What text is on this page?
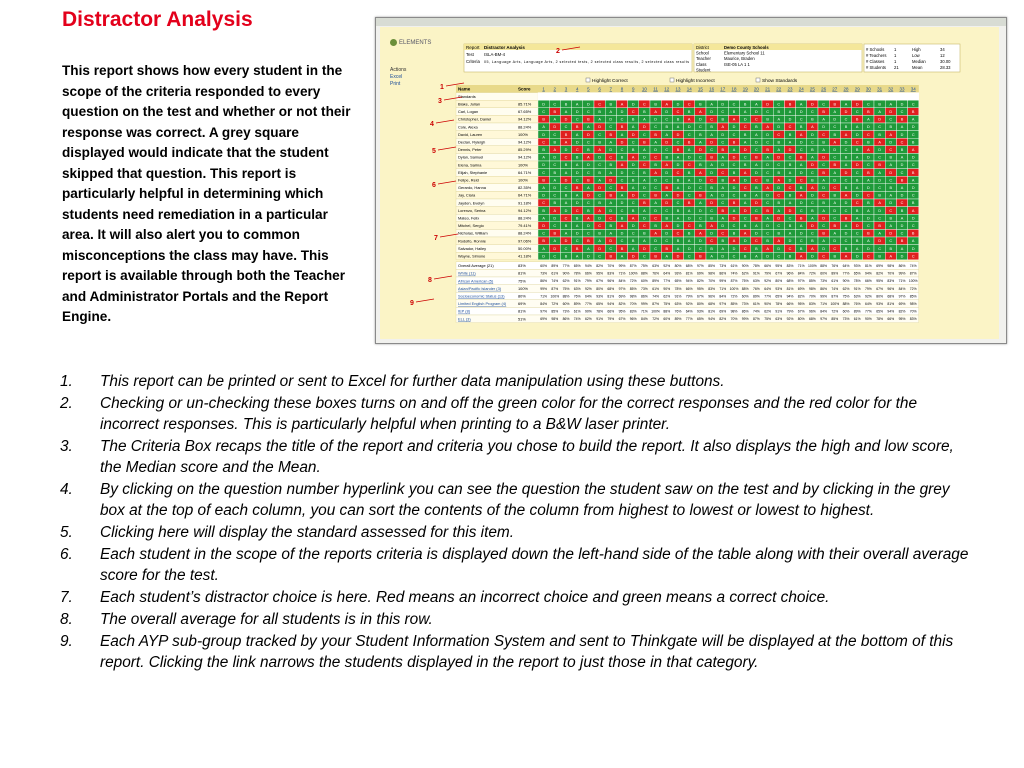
Distractor Analysis
This report shows how every student in the scope of the criteria responded to every question on the test and whether or not their response was correct. A grey square displayed would indicate that the student skipped that question. This report is particularly helpful in determining which students need remediation in a particular area. It will also alert you to common misconceptions the class may have. This report is available through both the Teacher and Administrator Portals and the Report Engine.
ELEMENTS
Actions
Excel
Print
Report Distractor Analysis
Test ISLA-BM-4
Criteria 05, Language Arts, Language Arts, 2 selected tests, 2 selected class results, 2 selected class results
District	Demo County Schools
School	Elementary School 11
Teacher	Maurice, Braden
Class	ISE-05 LA 1 1
Student
# Schools 1	High	34
# Teachers 1	Low	12
# Classes 1	Median	30.00
# Students 21	Mean	28.33
Highlight Correct	Highlight Incorrect	Show Standards
Name	Score	1 2 3 4 5 6 7 8 9 10 11 12 13 14 15 16 17 18 19 20 21 22 23 24 25 26 27 28 29 30 31 32 33 34
Standards
Blake, Julian	85.71%	D C B A D C B A D C B A D C B A D C B A D C B A D C B A D C B A D C
Carl, Logan	67.65%	C B A D C B A D C B A D C B A D C B A D C B A D C B A D C B A D C B
Christopher, Daniel	94.12%	B A D C B A D C B A D C B A D C B A D C B A D C B A D C B A D C B A
Cole, Alexa	88.24%	A D C B A D C B A D C B A D C B A D C B A D C B A D C B A D C B A D
David, Lauren	100%	D C B A D C B A D C B A D C B A D C B A D C B A D C B A D C B A D C
Declan, Ryleigh	94.12%	C B A D C B A D C B A D C B A D C B A D C B A D C B A D C B A D C B
Dennis, Peter	85.29%	B A D C B A D C B A D C B A D C B A D C B A D C B A D C B A D C B A
Dylan, Samuel	94.12%	A D C B A D C B A D C B A D C B A D C B A D C B A D C B A D C B A D
Elena, Sarina	100%	D C B A D C B A D C B A D C B A D C B A D C B A D C B A D C B A D C
Elijah, Stephanie	64.71%	C B A D C B A D C B A D C B A D C B A D C B A D C B A D C B A D C B
Felipe, Reid	100%	B A D C B A D C B A D C B A D C B A D C B A D C B A D C B A D C B A
Gerardo, Hanna	82.35%	A D C B A D C B A D C B A D C B A D C B A D C B A D C B A D C B A D
Jay, Ciara	64.71%	D C B A D C B A D C B A D C B A D C B A D C B A D C B A D C B A D C
Jayden, Evelyn	91.18%	C B A D C B A D C B A D C B A D C B A D C B A D C B A D C B A D C B
Lorenzo, Serina	94.12%	B A D C B A D C B A D C B A D C B A D C B A D C B A D C B A D C B A
Mateo, Felix	88.24%	A D C B A D C B A D C B A D C B A D C B A D C B A D C B A D C B A D
Mitchel, Sergio	79.41%	D C B A D C B A D C B A D C B A D C B A D C B A D C B A D C B A D C
Nicholas, William	88.24%	C B A D C B A D C B A D C B A D C B A D C B A D C B A D C B A D C B
Rodolfo, Ronnie	97.06%	B A D C B A D C B A D C B A D C B A D C B A D C B A D C B A D C B A
Salvador, Hailey	50.00%	A D C B A D C B A D C B A D C B A D C B A D C B A D C B A D C B A D
Wayne, Simone	41.18%	D C B A D C B A D C B A D C B A D C B A D C B A D C B A D C B A D C
Overall Average (21)	83%	60% 89% 77% 65% 94% 82% 70% 99% 87% 75% 63% 92% 80% 68% 97% 85% 73% 61% 90% 78% 66% 95% 83% 71% 100% 88% 76% 64% 93% 81% 69% 98% 86% 74%
White (11)	81%	73% 61% 90% 78% 66% 95% 83% 71% 100% 88% 76% 64% 93% 81% 69% 98% 86% 74% 62% 91% 79% 67% 96% 84% 72% 60% 89% 77% 65% 94% 82% 70% 99% 87%
African American (5)	75%	86% 74% 62% 91% 79% 67% 96% 84% 72% 60% 89% 77% 65% 94% 82% 70% 99% 87% 75% 63% 92% 80% 68% 97% 85% 73% 61% 90% 78% 66% 95% 83% 71% 100%
Asian/Pacific Islander (3)	100%	99% 87% 75% 63% 92% 80% 68% 97% 85% 73% 61% 90% 78% 66% 95% 83% 71% 100% 88% 76% 64% 93% 81% 69% 98% 86% 74% 62% 91% 79% 67% 96% 84% 72%
Socioeconomic Status (13)	80%	71% 100% 88% 76% 64% 93% 81% 69% 98% 86% 74% 62% 91% 79% 67% 96% 84% 72% 60% 89% 77% 65% 94% 82% 70% 99% 87% 75% 63% 92% 80% 68% 97% 85%
Limited English Program (4)	69%	84% 72% 60% 89% 77% 65% 94% 82% 70% 99% 87% 75% 63% 92% 80% 68% 97% 85% 73% 61% 90% 78% 66% 95% 83% 71% 100% 88% 76% 64% 93% 81% 69% 98%
IEP (8)	81%	97% 85% 73% 61% 90% 78% 66% 95% 83% 71% 100% 88% 76% 64% 93% 81% 69% 98% 86% 74% 62% 91% 79% 67% 96% 84% 72% 60% 89% 77% 65% 94% 82% 70%
ELL (3)	51%	69% 98% 86% 74% 62% 91% 79% 67% 96% 84% 72% 60% 89% 77% 65% 94% 82% 70% 99% 87% 75% 63% 92% 80% 68% 97% 85% 73% 61% 90% 78% 66% 95% 83%
1
2
3
4
5
6
7
8
9
1. This report can be printed or sent to Excel for further data manipulation using these buttons.
2. Checking or un-checking these boxes turns on and off the green color for the correct responses and the red color for the incorrect responses. This is particularly helpful when printing to a B&W laser printer.
3. The Criteria Box recaps the title of the report and criteria you chose to build the report. It also displays the high and low score, the Median score and the Mean.
4. By clicking on the question number hyperlink you can see the question the student saw on the test and by clicking in the grey box at the top of each column, you can sort the contents of the column from highest to lowest or lowest to highest.
5. Clicking here will display the standard assessed for this item.
6. Each student in the scope of the reports criteria is displayed down the left-hand side of the table along with their overall average score for the test.
7. Each student’s distractor choice is here. Red means an incorrect choice and green means a correct choice.
8. The overall average for all students is in this row.
9. Each AYP sub-group tracked by your Student Information System and sent to Thinkgate will be displayed at the bottom of this report. Clicking the link narrows the students displayed in the report to just those in that category.
